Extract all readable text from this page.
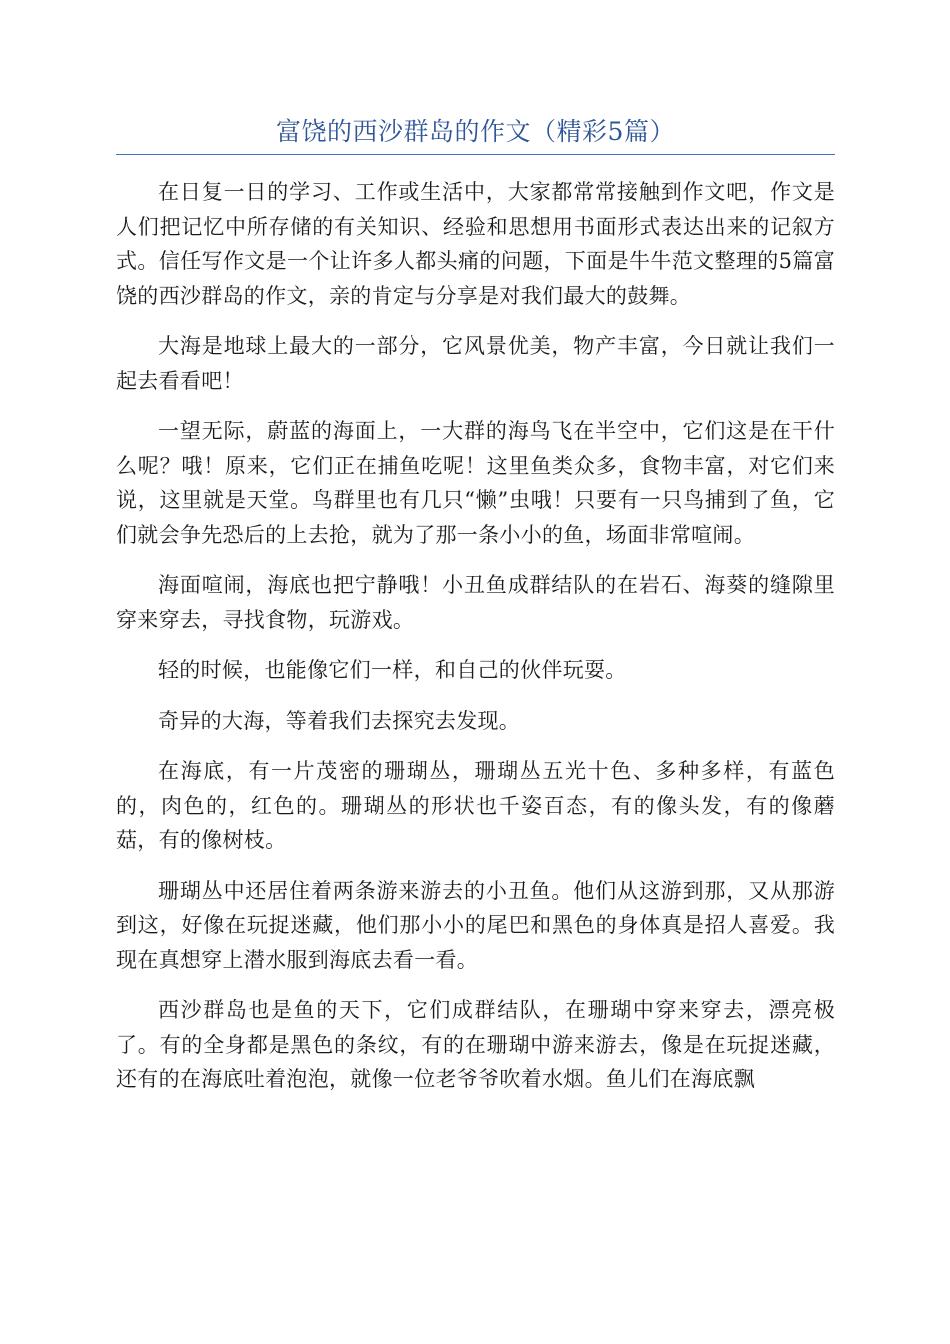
富饶的西沙群岛的作文（精彩5篇）

在日复一日的学习、工作或生活中，大家都常常接触到作文吧，作文是人们把记忆中所存储的有关知识、经验和思想用书面形式表达出来的记叙方式。信任写作文是一个让许多人都头痛的问题，下面是牛牛范文整理的5篇富饶的西沙群岛的作文，亲的肯定与分享是对我们最大的鼓舞。

大海是地球上最大的一部分，它风景优美，物产丰富，今日就让我们一起去看看吧！

一望无际，蔚蓝的海面上，一大群的海鸟飞在半空中，它们这是在干什么呢？哦！原来，它们正在捕鱼吃呢！这里鱼类众多，食物丰富，对它们来说，这里就是天堂。鸟群里也有几只“懒”虫哦！只要有一只鸟捕到了鱼，它们就会争先恐后的上去抢，就为了那一条小小的鱼，场面非常喧闹。

海面喧闹，海底也把宁静哦！小丑鱼成群结队的在岩石、海葵的缝隙里穿来穿去，寻找食物，玩游戏。

轻的时候，也能像它们一样，和自己的伙伴玩耍。

奇异的大海，等着我们去探究去发现。

在海底，有一片茂密的珊瑚丛，珊瑚丛五光十色、多种多样，有蓝色的，肉色的，红色的。珊瑚丛的形状也千姿百态，有的像头发，有的像蘑菇，有的像树枝。

珊瑚丛中还居住着两条游来游去的小丑鱼。他们从这游到那，又从那游到这，好像在玩捉迷藏，他们那小小的尾巴和黑色的身体真是招人喜爱。我现在真想穿上潜水服到海底去看一看。

西沙群岛也是鱼的天下，它们成群结队，在珊瑚中穿来穿去，漂亮极了。有的全身都是黑色的条纹，有的在珊瑚中游来游去，像是在玩捉迷藏，还有的在海底吐着泡泡，就像一位老爷爷吹着水烟。鱼儿们在海底飘
